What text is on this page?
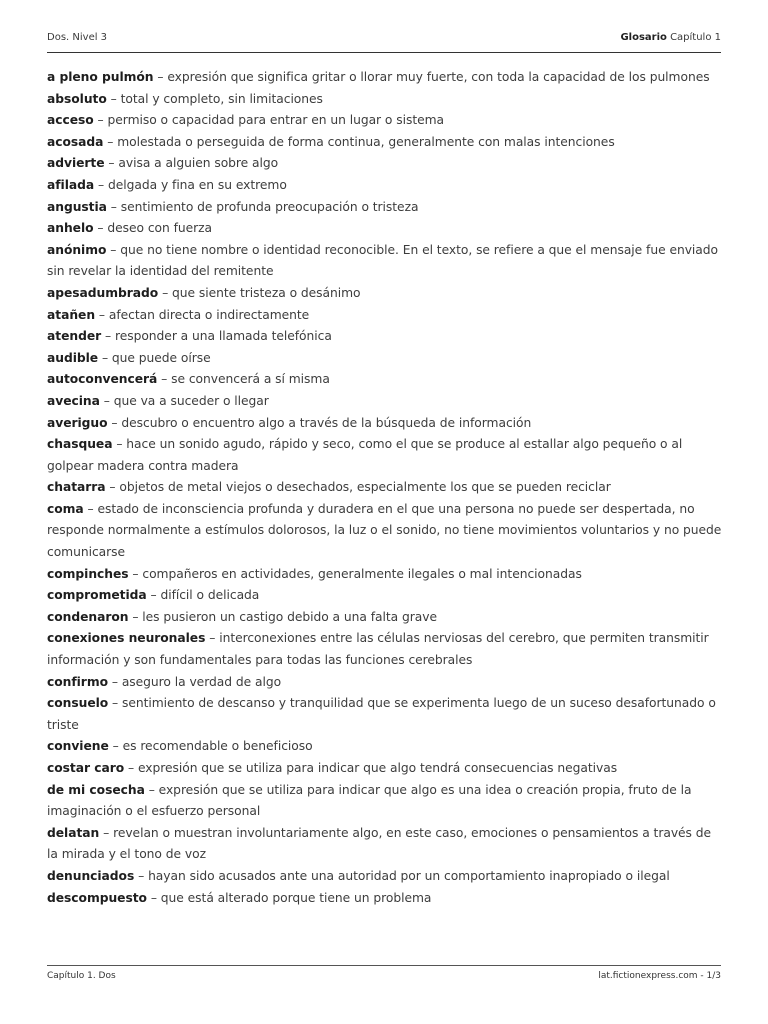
Dos. Nivel 3	Glosario Capítulo 1
a pleno pulmón – expresión que significa gritar o llorar muy fuerte, con toda la capacidad de los pulmones
absoluto – total y completo, sin limitaciones
acceso – permiso o capacidad para entrar en un lugar o sistema
acosada – molestada o perseguida de forma continua, generalmente con malas intenciones
advierte – avisa a alguien sobre algo
afilada – delgada y fina en su extremo
angustia – sentimiento de profunda preocupación o tristeza
anhelo – deseo con fuerza
anónimo – que no tiene nombre o identidad reconocible. En el texto, se refiere a que el mensaje fue enviado sin revelar la identidad del remitente
apesadumbrado – que siente tristeza o desánimo
atañen – afectan directa o indirectamente
atender – responder a una llamada telefónica
audible – que puede oírse
autoconvencerá – se convencerá a sí misma
avecina – que va a suceder o llegar
averiguo – descubro o encuentro algo a través de la búsqueda de información
chasquea – hace un sonido agudo, rápido y seco, como el que se produce al estallar algo pequeño o al golpear madera contra madera
chatarra – objetos de metal viejos o desechados, especialmente los que se pueden reciclar
coma – estado de inconsciencia profunda y duradera en el que una persona no puede ser despertada, no responde normalmente a estímulos dolorosos, la luz o el sonido, no tiene movimientos voluntarios y no puede comunicarse
compinches – compañeros en actividades, generalmente ilegales o mal intencionadas
comprometida – difícil o delicada
condenaron – les pusieron un castigo debido a una falta grave
conexiones neuronales – interconexiones entre las células nerviosas del cerebro, que permiten transmitir información y son fundamentales para todas las funciones cerebrales
confirmo – aseguro la verdad de algo
consuelo – sentimiento de descanso y tranquilidad que se experimenta luego de un suceso desafortunado o triste
conviene – es recomendable o beneficioso
costar caro – expresión que se utiliza para indicar que algo tendrá consecuencias negativas
de mi cosecha – expresión que se utiliza para indicar que algo es una idea o creación propia, fruto de la imaginación o el esfuerzo personal
delatan – revelan o muestran involuntariamente algo, en este caso, emociones o pensamientos a través de la mirada y el tono de voz
denunciados – hayan sido acusados ante una autoridad por un comportamiento inapropiado o ilegal
descompuesto – que está alterado porque tiene un problema
Capítulo 1. Dos	lat.fictionexpress.com - 1/3
